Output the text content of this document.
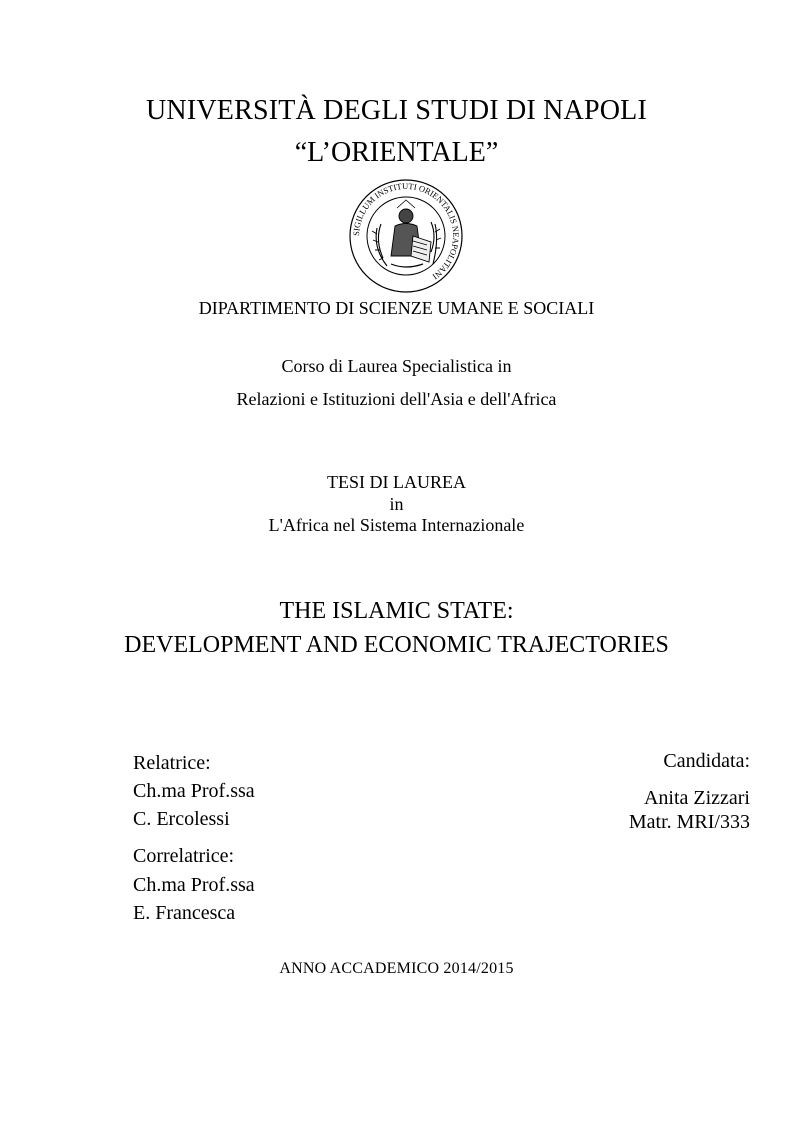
UNIVERSITÀ DEGLI STUDI DI NAPOLI
“L’ORIENTALE”
SIGILLUM INSTITUTI ORIENTALIS NEAPOLITANI
DIPARTIMENTO DI SCIENZE UMANE E SOCIALI
Corso di Laurea Specialistica in
Relazioni e Istituzioni dell'Asia e dell'Africa
TESI DI LAUREA
in
L'Africa nel Sistema Internazionale
THE ISLAMIC STATE:
DEVELOPMENT AND ECONOMIC TRAJECTORIES
Relatrice:
Ch.ma Prof.ssa
C. Ercolessi
Correlatrice:
Ch.ma Prof.ssa
E. Francesca
Candidata:
Anita Zizzari
Matr. MRI/333
ANNO ACCADEMICO 2014/2015
